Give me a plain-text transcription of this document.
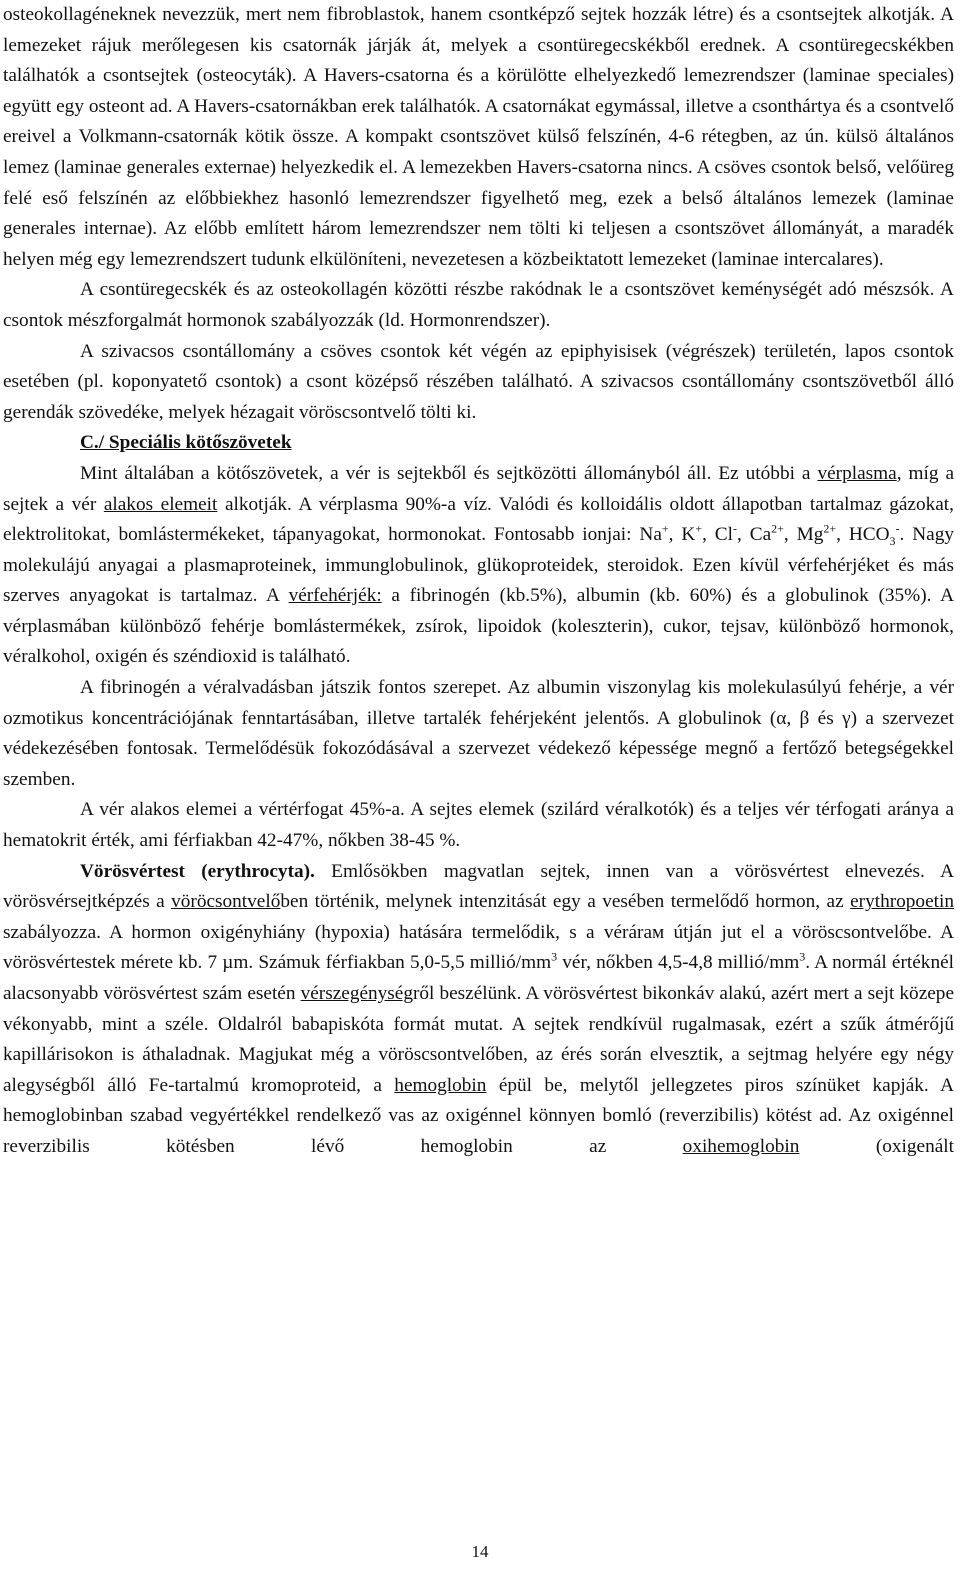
osteokollagéneknek nevezzük, mert nem fibroblastok, hanem csontképző sejtek hozzák létre) és a csontsejtek alkotják. A lemezeket rájuk merőlegesen kis csatornák járják át, melyek a csontüregecskékből erednek. A csontüregecskékben találhatók a csontsejtek (osteocyták). A Havers-csatorna és a körülötte elhelyezkedő lemezrendszer (laminae speciales) együtt egy osteont ad. A Havers-csatornákban erek találhatók. A csatornákat egymással, illetve a csonthártya és a csontvelő ereivel a Volkmann-csatornák kötik össze. A kompakt csontszövet külső felszínén, 4-6 rétegben, az ún. külsö általános lemez (laminae generales externae) helyezkedik el. A lemezekben Havers-csatorna nincs. A csöves csontok belső, velőüreg felé eső felszínén az előbbiekhez hasonló lemezrendszer figyelhető meg, ezek a belső általános lemezek (laminae generales internae). Az előbb említett három lemezrendszer nem tölti ki teljesen a csontszövet állományát, a maradék helyen még egy lemezrendszert tudunk elkülöníteni, nevezetesen a közbeiktatott lemezeket (laminae intercalares).

A csontüregecskék és az osteokollagén közötti részbe rakódnak le a csontszövet keménységét adó mészsók. A csontok mészforgalmát hormonok szabályozzák (ld. Hormonrendszer).

A szivacsos csontállomány a csöves csontok két végén az epiphyisisek (végrészek) területén, lapos csontok esetében (pl. koponyatető csontok) a csont középső részében található. A szivacsos csontállomány csontszövetből álló gerendák szövedéke, melyek hézagait vöröscsontvelő tölti ki.

C./ Speciális kötőszövetek

Mint általában a kötőszövetek, a vér is sejtekből és sejtközötti állományból áll. Ez utóbbi a vérplasma, míg a sejtek a vér alakos elemeit alkotják. A vérplasma 90%-a víz. Valódi és kolloidális oldott állapotban tartalmaz gázokat, elektrolitokat, bomlástermékeket, tápanyagokat, hormonokat. Fontosabb ionjai: Na+, K+, Cl-, $Ca^{2+}$, $Mg^{2+}$, $HCO_3^-$. Nagy molekulájú anyagai a plasmaproteinek, immunglobulinok, glükoproteidek, steroidok. Ezen kívül vérfehérjéket és más szerves anyagokat is tartalmaz. A vérfehérjék: a fibrinogén (kb.5%), albumin (kb. 60%) és a globulinok (35%). A vérplasmában különböző fehérje bomlástermékek, zsírok, lipoidok (koleszterin), cukor, tejsav, különböző hormonok, véralkohol, oxigén és széndioxid is található.

A fibrinogén a véralvadásban játszik fontos szerepet. Az albumin viszonylag kis molekulasúlyú fehérje, a vér ozmotikus koncentrációjának fenntartásában, illetve tartalék fehérjeként jelentős. A globulinok (α, β és γ) a szervezet védekezésében fontosak. Termelődésük fokozódásával a szervezet védekező képessége megnő a fertőző betegségekkel szemben.

A vér alakos elemei a vértérfogat 45%-a. A sejtes elemek (szilárd véralkotók) és a teljes vér térfogati aránya a hematokrit érték, ami férfiakban 42-47%, nőkben 38-45 %.

Vörösvértest (erythrocyta). Emlősökben magvatlan sejtek, innen van a vörösvértest elnevezés. A vörösvérsejtképzés a vöröcsontvelőben történik, melynek intenzitását egy a vesében termelődő hormon, az erythropoetin szabályozza. A hormon oxigényhiány (hypoxia) hatására termelődik, s a vérárам útján jut el a vöröscsontvelőbe. A vörösvértestek mérete kb. 7 µm. Számuk férfiakban 5,0-5,5 millió/$mm^3$ vér, nőkben 4,5-4,8 millió/$mm^3$. A normál értéknél alacsonyabb vörösvértest szám esetén vérszegénységről beszélünk. A vörösvértest bikonkáv alakú, azért mert a sejt közepe vékonyabb, mint a széle. Oldalról babapiskóta formát mutat. A sejtek rendkívül rugalmasak, ezért a szűk átmérőjű kapillárisokon is áthaladnak. Magjukat még a vöröscsontvelőben, az érés során elvesztik, a sejtmag helyére egy négy alegységből álló Fe-tartalmú kromoproteid, a hemoglobin épül be, melytől jellegzetes piros színüket kapják. A hemoglobinban szabad vegyértékkel rendelkező vas az oxigénnel könnyen bomló (reverzibilis) kötést ad. Az oxigénnel reverzibilis kötésben lévő hemoglobin az oxihemoglobin (oxigenált

14
